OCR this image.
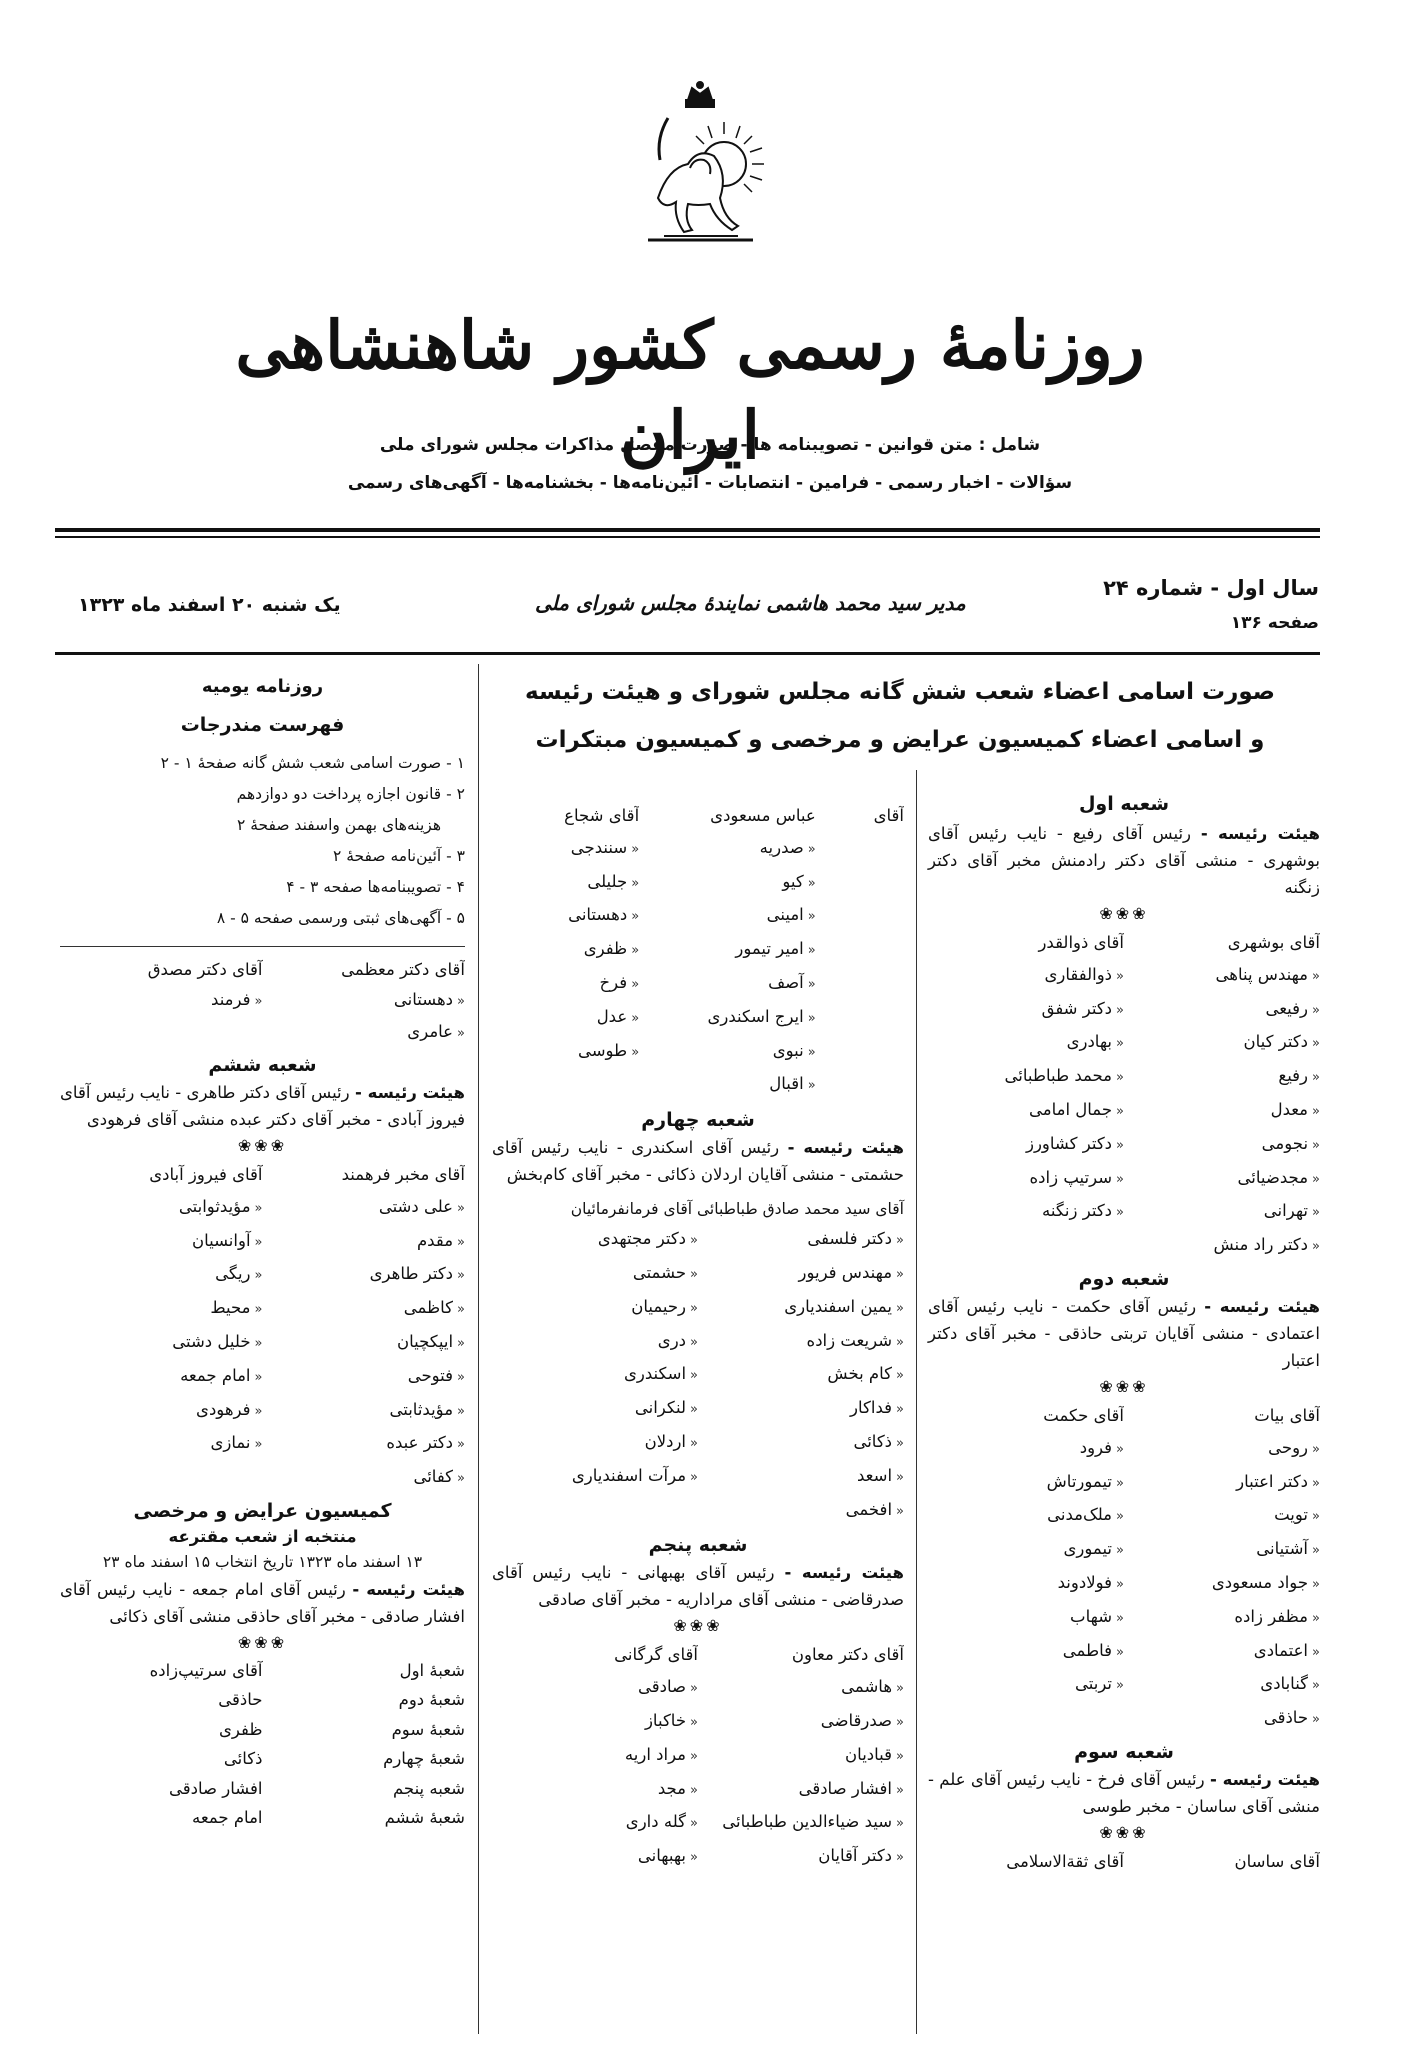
روزنامهٔ رسمی کشور شاهنشاهی ایران
شامل : متن قوانین - تصویبنامه ها - صورت مفصل مذاکرات مجلس شورای ملی
سؤالات - اخبار رسمی - فرامین - انتصابات - آئین‌نامه‌ها - بخشنامه‌ها - آگهی‌های رسمی
سال اول - شماره ۲۴
صفحه ۱۳۶
مدیر سید محمد هاشمی نمایندهٔ مجلس شورای ملی
یک شنبه ۲۰ اسفند ماه ۱۳۲۳
صورت اسامی اعضاء شعب شش گانه مجلس شورای و هیئت رئیسه
و اسامی اعضاء کمیسیون عرایض و مرخصی و کمیسیون مبتکرات
شعبه اول
هیئت رئیسه - رئیس آقای رفیع - نایب رئیس آقای بوشهری - منشی آقای دکتر رادمنش مخبر آقای دکتر زنگنه
❀❀❀
آقای بوشهری
آقای ذوالقدر
«مهندس پناهی
«ذوالفقاری
«رفیعی
«دکتر شفق
«دکتر کیان
«بهادری
«رفیع
«محمد طباطبائی
«معدل
«جمال امامی
«نجومی
«دکتر کشاورز
«مجدضیائی
«سرتیپ زاده
«تهرانی
«دکتر زنگنه
«دکتر راد منش
شعبه دوم
هیئت رئیسه - رئیس آقای حکمت - نایب رئیس آقای اعتمادی - منشی آقایان تربتی حاذقی - مخبر آقای دکتر اعتبار
❀❀❀
آقای بیات
آقای حکمت
«روحی
«فرود
«دکتر اعتبار
«تیمورتاش
«تویت
«ملک‌مدنی
«آشتیانی
«تیموری
«جواد مسعودی
«فولادوند
«مظفر زاده
«شهاب
«اعتمادی
«فاطمی
«گنابادی
«تربتی
«حاذقی
شعبه سوم
هیئت رئیسه - رئیس آقای فرخ - نایب رئیس آقای علم - منشی آقای ساسان - مخبر طوسی
❀❀❀
آقای ساسان
آقای ثقة‌الاسلامی
آقای
عباس مسعودی
آقای شجاع
«صدریه
«سنندجی
«کیو
«جلیلی
«امینی
«دهستانی
«امیر تیمور
«ظفری
«آصف
«فرخ
«ایرج اسکندری
«عدل
«نبوی
«طوسی
«اقبال
شعبه چهارم
هیئت رئیسه - رئیس آقای اسکندری - نایب رئیس آقای حشمتی - منشی آقایان اردلان ذکائی - مخبر آقای کام‌بخش
آقای سید محمد صادق طباطبائی آقای فرمانفرمائیان
«دکتر فلسفی
«دکتر مجتهدی
«مهندس فریور
«حشمتی
«یمین اسفندیاری
«رحیمیان
«شریعت زاده
«دری
«کام بخش
«اسکندری
«فداکار
«لنکرانی
«ذکائی
«اردلان
«اسعد
«مرآت اسفندیاری
«افخمی
شعبه پنجم
هیئت رئیسه - رئیس آقای بهبهانی - نایب رئیس آقای صدرقاضی - منشی آقای مراداریه - مخبر آقای صادقی
❀❀❀
آقای دکتر معاون
آقای گرگانی
«هاشمی
«صادقی
«صدرقاضی
«خاکباز
«قبادیان
«مراد اریه
«افشار صادقی
«مجد
«سید ضیاءالدین طباطبائی
«گله داری
«دکتر آقایان
«بهبهانی
روزنامه یومیه
فهرست مندرجات
۱ - صورت اسامی شعب شش گانه صفحهٔ ۱ - ۲
۲ - قانون اجازه پرداخت دو دوازدهم
هزینه‌های بهمن واسفند صفحهٔ ۲
۳ - آئین‌نامه صفحهٔ ۲
۴ - تصویبنامه‌ها صفحه ۳ - ۴
۵ - آگهی‌های ثبتی ورسمی صفحه ۵ - ۸
آقای دکتر معظمی
آقای دکتر مصدق
«دهستانی
«فرمند
«عامری
شعبه ششم
هیئت رئیسه - رئیس آقای دکتر طاهری - نایب رئیس آقای فیروز آبادی - مخبر آقای دکتر عبده منشی آقای فرهودی
❀❀❀
آقای مخبر فرهمند
آقای فیروز آبادی
«علی دشتی
«مؤیدثوابتی
«مقدم
«آوانسیان
«دکتر طاهری
«ریگی
«کاظمی
«محیط
«ایپکچیان
«خلیل دشتی
«فتوحی
«امام جمعه
«مؤیدثابتی
«فرهودی
«دکتر عبده
«نمازی
«کفائی
کمیسیون عرایض و مرخصی
منتخبه از شعب مقترعه
۱۳ اسفند ماه ۱۳۲۳ تاریخ انتخاب ۱۵ اسفند ماه ۲۳
هیئت رئیسه - رئیس آقای امام جمعه - نایب رئیس آقای افشار صادقی - مخبر آقای حاذقی منشی آقای ذکائی
❀❀❀
شعبهٔ اول
آقای سرتیپ‌زاده
شعبهٔ دوم
حاذقی
شعبهٔ سوم
ظفری
شعبهٔ چهارم
ذکائی
شعبه پنجم
افشار صادقی
شعبهٔ ششم
امام جمعه
